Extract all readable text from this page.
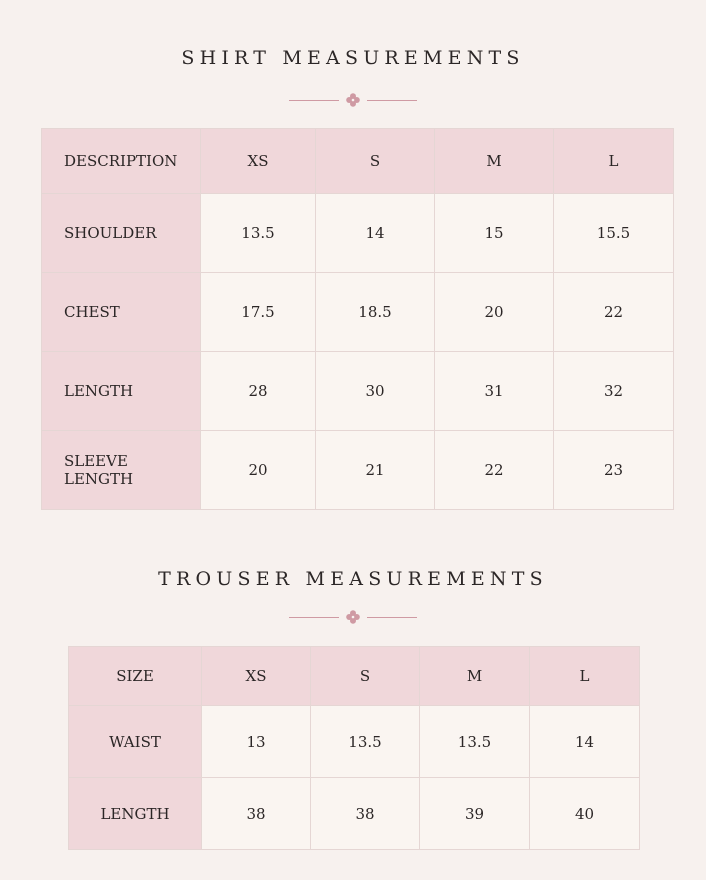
SHIRT MEASUREMENTS
DESCRIPTION	XS	S	M	L
SHOULDER	13.5	14	15	15.5
CHEST	17.5	18.5	20	22
LENGTH	28	30	31	32
SLEEVE LENGTH	20	21	22	23
TROUSER MEASUREMENTS
SIZE	XS	S	M	L
WAIST	13	13.5	13.5	14
LENGTH	38	38	39	40
